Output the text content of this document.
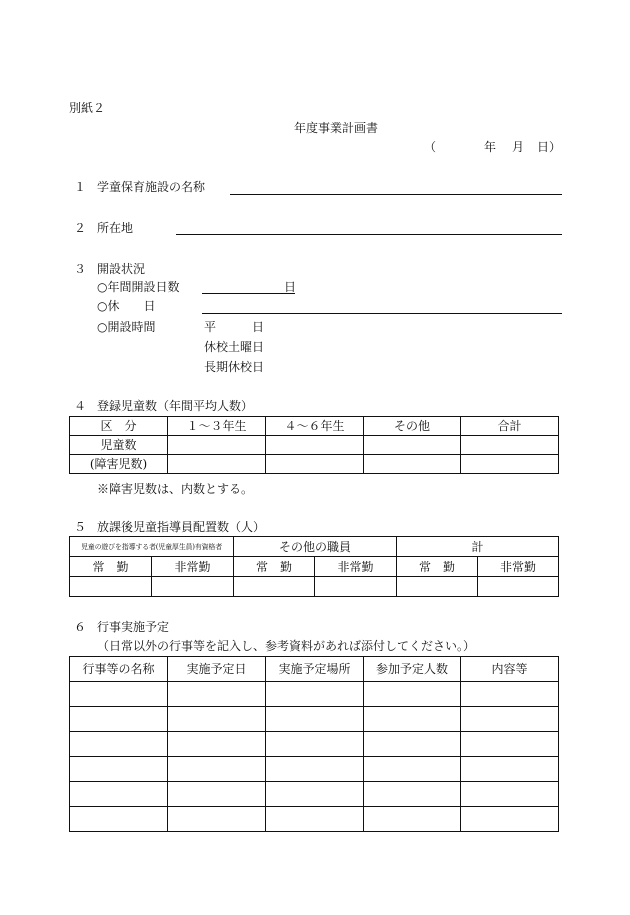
別紙２
年度事業計画書
（	年 月 日）
１ 学童保育施設の名称
２ 所在地
３ 開設状況
○年間開設日数	日
○休　　日
○開設時間	平　　　日
休校土曜日
長期休校日
４ 登録児童数（年間平均人数）
区　分	１～３年生	４～６年生	その他	合計
児童数				
(障害児数)				
※障害児数は、内数とする。
５ 放課後児童指導員配置数（人）
児童の遊びを指導する者(児童厚生員)有資格者		その他の職員		計	
常　勤	非常勤	常　勤	非常勤	常　勤	非常勤

６ 行事実施予定
（日常以外の行事等を記入し、参考資料があれば添付してください。）
行事等の名称	実施予定日	実施予定場所	参加予定人数	内容等
